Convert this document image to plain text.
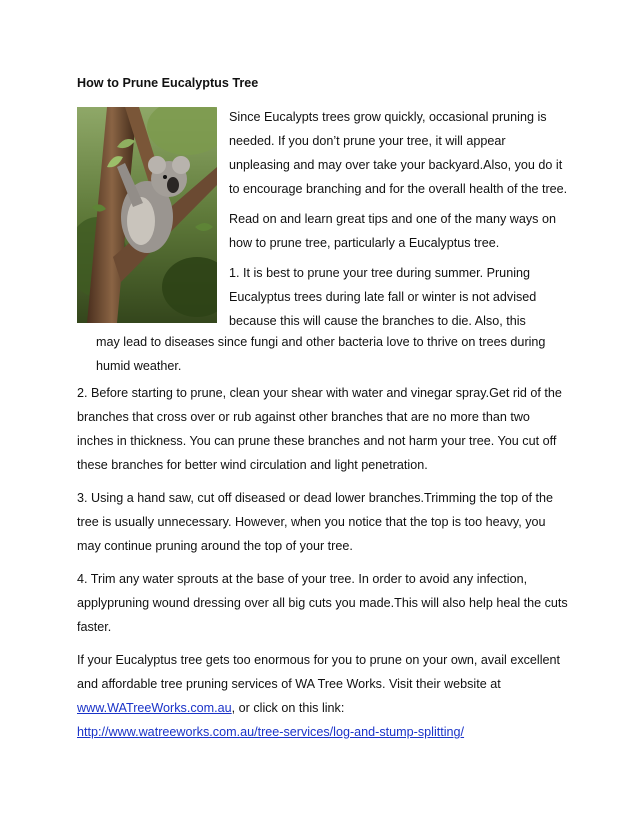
How to Prune Eucalyptus Tree

Since Eucalypts trees grow quickly, occasional pruning is needed. If you don’t prune your tree, it will appear unpleasing and may over take your backyard.Also, you do it to encourage branching and for the overall health of the tree.

Read on and learn great tips and one of the many ways on how to prune tree, particularly a Eucalyptus tree.

1. It is best to prune your tree during summer. Pruning Eucalyptus trees during late fall or winter is not advised because this will cause the branches to die. Also, this

may lead to diseases since fungi and other bacteria love to thrive on trees during humid weather.

2. Before starting to prune, clean your shear with water and vinegar spray.Get rid of the branches that cross over or rub against other branches that are no more than two inches in thickness. You can prune these branches and not harm your tree. You cut off these branches for better wind circulation and light penetration.

3. Using a hand saw, cut off diseased or dead lower branches.Trimming the top of the tree is usually unnecessary. However, when you notice that the top is too heavy, you may continue pruning around the top of your tree.

4. Trim any water sprouts at the base of your tree. In order to avoid any infection, applypruning wound dressing over all big cuts you made.This will also help heal the cuts faster.

If your Eucalyptus tree gets too enormous for you to prune on your own, avail excellent and affordable tree pruning services of WA Tree Works. Visit their website at www.WATreeWorks.com.au, or click on this link:
http://www.watreeworks.com.au/tree-services/log-and-stump-splitting/
